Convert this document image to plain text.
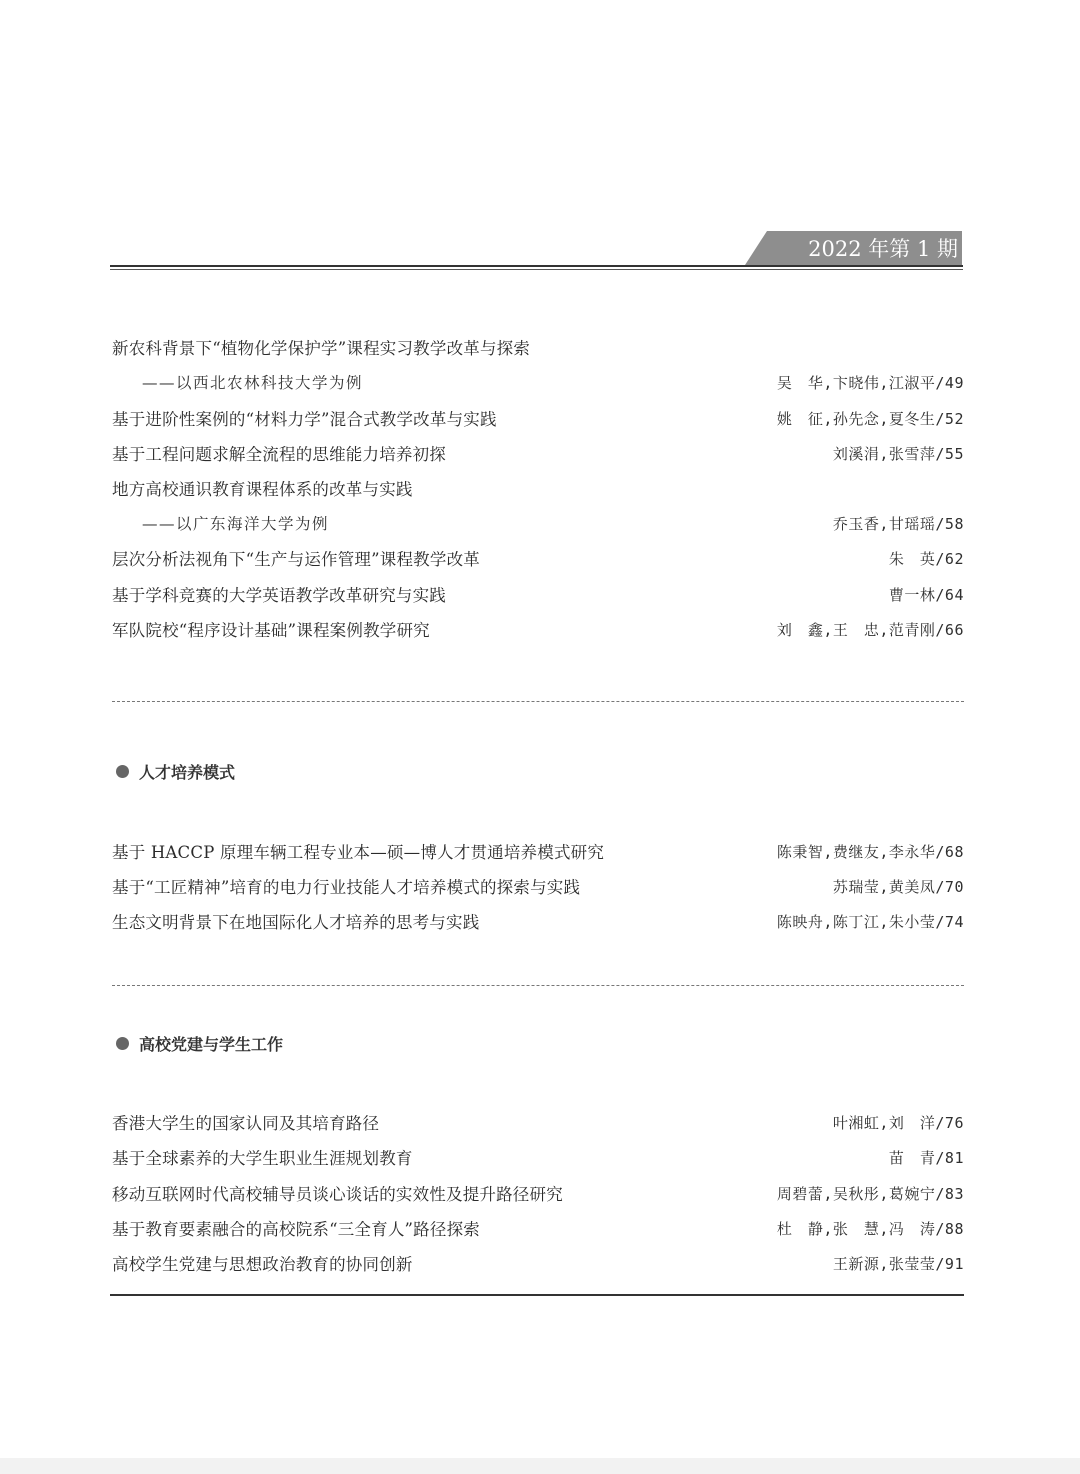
2022 年第 1 期
新农科背景下“植物化学保护学”课程实习教学改革与探索
——以西北农林科技大学为例	吴　华,卞晓伟,江淑平/49
基于进阶性案例的“材料力学”混合式教学改革与实践	姚　征,孙先念,夏冬生/52
基于工程问题求解全流程的思维能力培养初探	刘溪涓,张雪萍/55
地方高校通识教育课程体系的改革与实践
——以广东海洋大学为例	乔玉香,甘瑶瑶/58
层次分析法视角下“生产与运作管理”课程教学改革	朱　英/62
基于学科竞赛的大学英语教学改革研究与实践	曹一林/64
军队院校“程序设计基础”课程案例教学研究	刘　鑫,王　忠,范青刚/66
人才培养模式
基于 HACCP 原理车辆工程专业本—硕—博人才贯通培养模式研究	陈秉智,费继友,李永华/68
基于“工匠精神”培育的电力行业技能人才培养模式的探索与实践	苏瑞莹,黄美凤/70
生态文明背景下在地国际化人才培养的思考与实践	陈映舟,陈丁江,朱小莹/74
高校党建与学生工作
香港大学生的国家认同及其培育路径	叶湘虹,刘　洋/76
基于全球素养的大学生职业生涯规划教育	苗　青/81
移动互联网时代高校辅导员谈心谈话的实效性及提升路径研究	周碧蕾,吴秋彤,葛婉宁/83
基于教育要素融合的高校院系“三全育人”路径探索	杜　静,张　慧,冯　涛/88
高校学生党建与思想政治教育的协同创新	王新源,张莹莹/91
